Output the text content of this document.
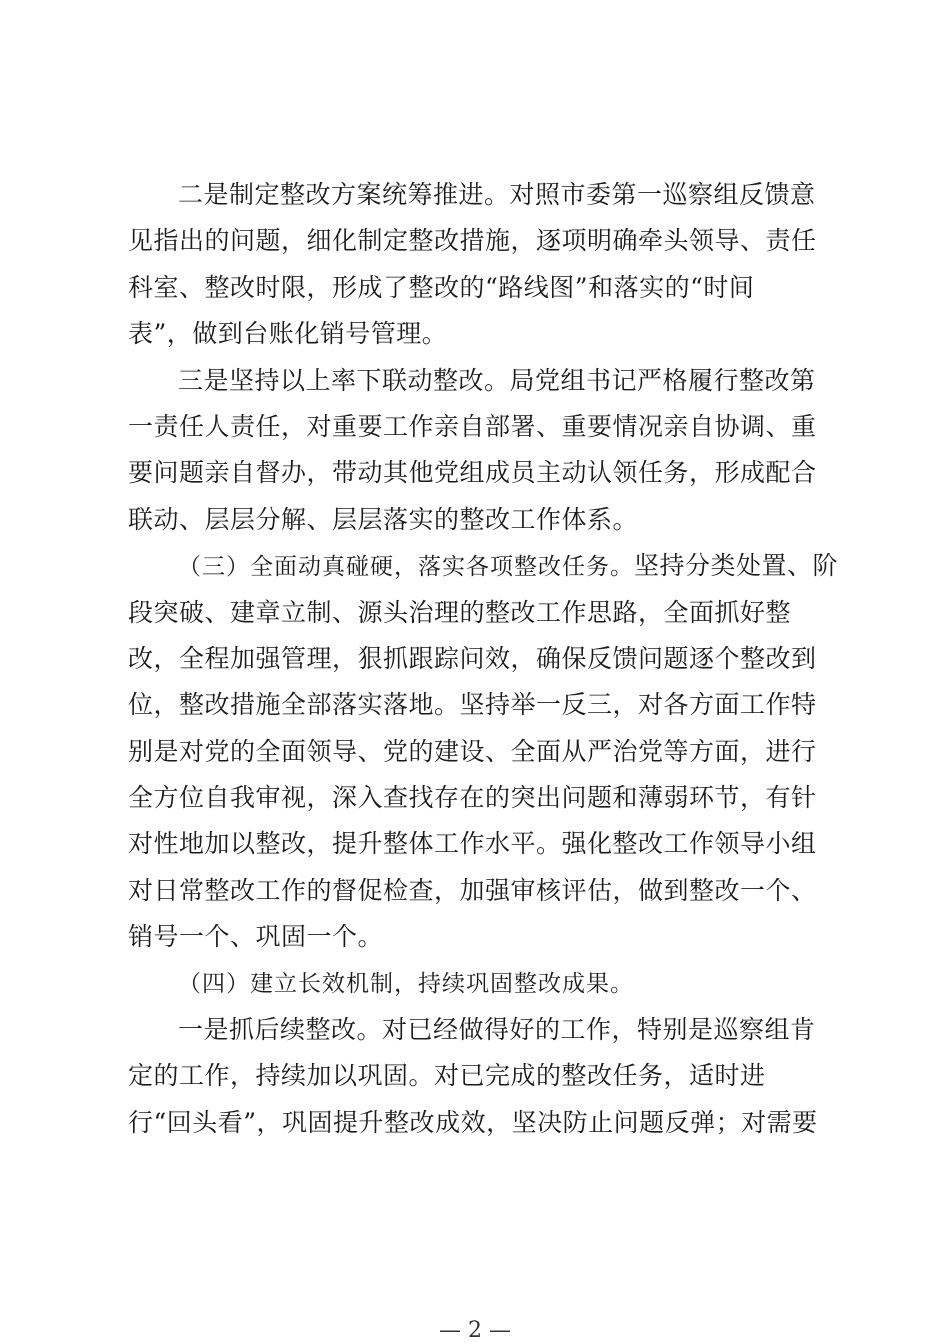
二是制定整改方案统筹推进。对照市委第一巡察组反馈意
见指出的问题，细化制定整改措施，逐项明确牵头领导、责任
科室、整改时限，形成了整改的“路线图”和落实的“时间
表”，做到台账化销号管理。

三是坚持以上率下联动整改。局党组书记严格履行整改第
一责任人责任，对重要工作亲自部署、重要情况亲自协调、重
要问题亲自督办，带动其他党组成员主动认领任务，形成配合
联动、层层分解、层层落实的整改工作体系。

（三）全面动真碰硬，落实各项整改任务。坚持分类处置、阶
段突破、建章立制、源头治理的整改工作思路，全面抓好整
改，全程加强管理，狠抓跟踪问效，确保反馈问题逐个整改到
位，整改措施全部落实落地。坚持举一反三，对各方面工作特
别是对党的全面领导、党的建设、全面从严治党等方面，进行
全方位自我审视，深入查找存在的突出问题和薄弱环节，有针
对性地加以整改，提升整体工作水平。强化整改工作领导小组
对日常整改工作的督促检查，加强审核评估，做到整改一个、
销号一个、巩固一个。

（四）建立长效机制，持续巩固整改成果。

一是抓后续整改。对已经做得好的工作，特别是巡察组肯
定的工作，持续加以巩固。对已完成的整改任务，适时进
行“回头看”，巩固提升整改成效，坚决防止问题反弹；对需要

— 2 —
